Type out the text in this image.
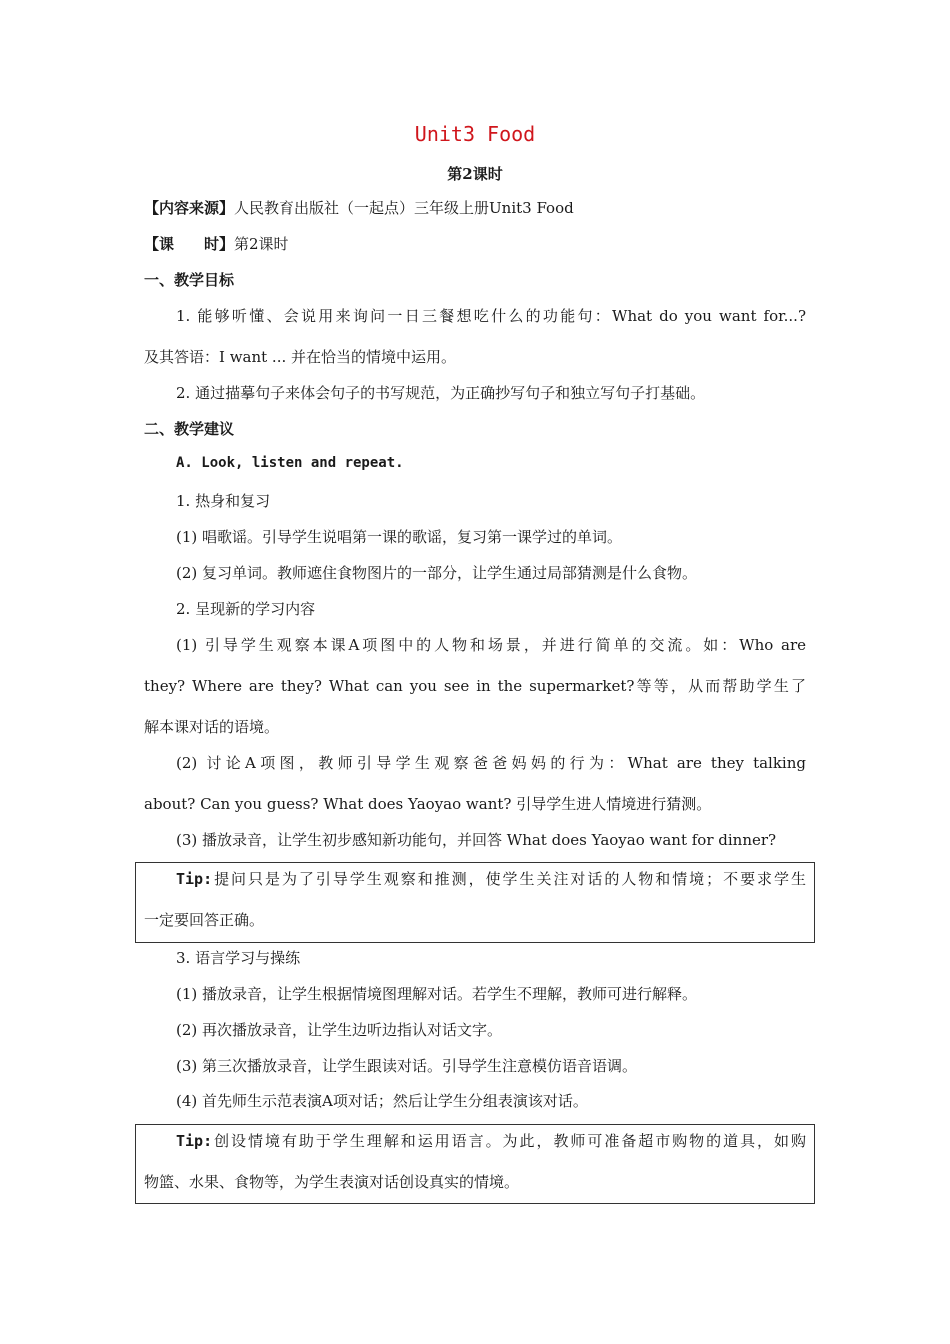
Unit3 Food
第2课时
【内容来源】人民教育出版社（一起点）三年级上册Unit3 Food
【课　　时】第2课时
一、教学目标
1. 能够听懂、会说用来询问一日三餐想吃什么的功能句：What do you want for...?
及其答语：I want ... 并在恰当的情境中运用。
2. 通过描摹句子来体会句子的书写规范，为正确抄写句子和独立写句子打基础。
二、教学建议
A. Look, listen and repeat.
1. 热身和复习
(1) 唱歌谣。引导学生说唱第一课的歌谣，复习第一课学过的单词。
(2) 复习单词。教师遮住食物图片的一部分，让学生通过局部猜测是什么食物。
2. 呈现新的学习内容
(1) 引导学生观察本课A项图中的人物和场景，并进行简单的交流。如：Who are
they? Where are they? What can you see in the supermarket?等等，从而帮助学生了
解本课对话的语境。
(2) 讨论A项图，教师引导学生观察爸爸妈妈的行为：What are they talking
about? Can you guess? What does Yaoyao want? 引导学生进人情境进行猜测。
(3) 播放录音，让学生初步感知新功能句，并回答 What does Yaoyao want for dinner?
Tip:提问只是为了引导学生观察和推测，使学生关注对话的人物和情境；不要求学生
一定要回答正确。
3. 语言学习与操练
(1) 播放录音，让学生根据情境图理解对话。若学生不理解，教师可进行解释。
(2) 再次播放录音，让学生边听边指认对话文字。
(3) 第三次播放录音，让学生跟读对话。引导学生注意模仿语音语调。
(4) 首先师生示范表演A项对话；然后让学生分组表演该对话。
Tip:创设情境有助于学生理解和运用语言。为此，教师可准备超市购物的道具，如购
物篮、水果、食物等，为学生表演对话创设真实的情境。
